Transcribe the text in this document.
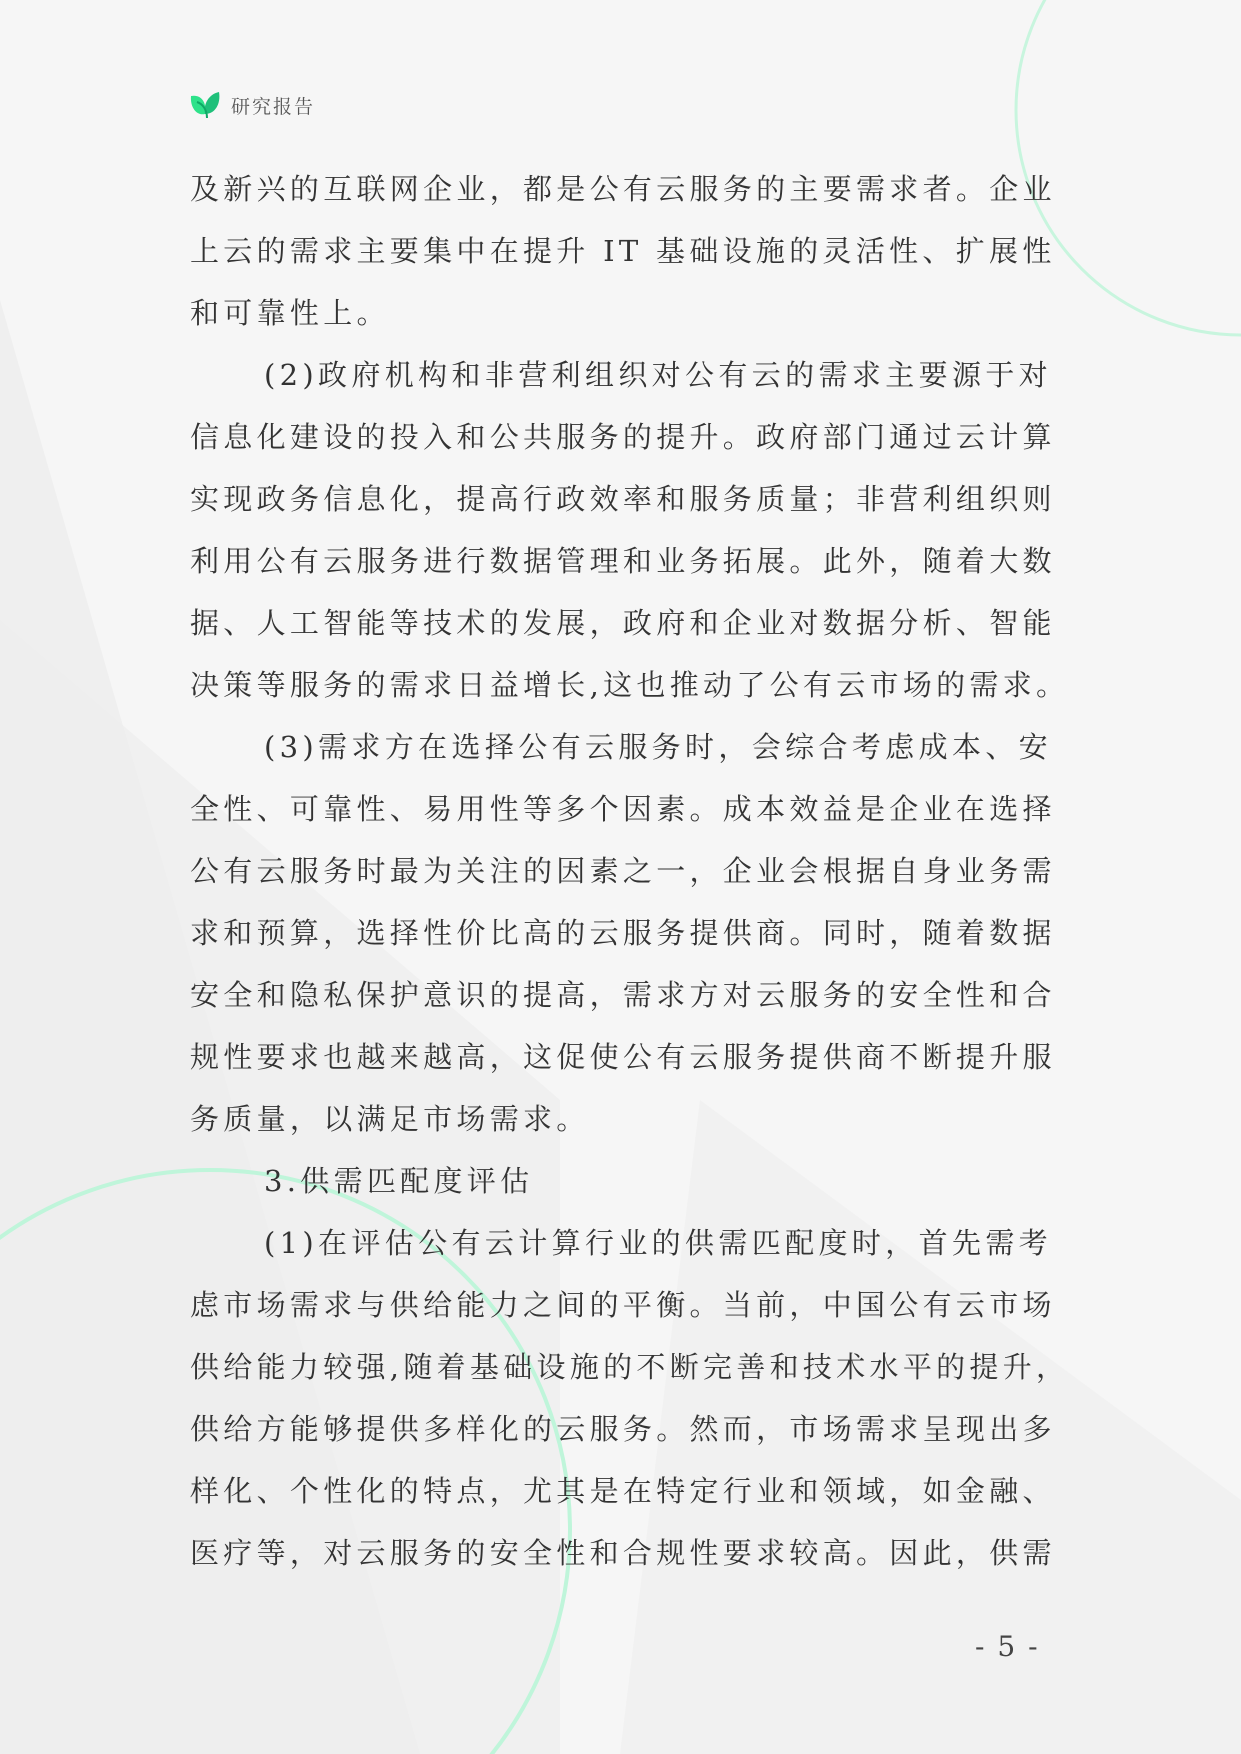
研究报告

及新兴的互联网企业，都是公有云服务的主要需求者。企业

上云的需求主要集中在提升 IT 基础设施的灵活性、扩展性

和可靠性上。

(2)政府机构和非营利组织对公有云的需求主要源于对

信息化建设的投入和公共服务的提升。政府部门通过云计算

实现政务信息化，提高行政效率和服务质量；非营利组织则

利用公有云服务进行数据管理和业务拓展。此外，随着大数

据、人工智能等技术的发展，政府和企业对数据分析、智能

决策等服务的需求日益增长,这也推动了公有云市场的需求。

(3)需求方在选择公有云服务时，会综合考虑成本、安

全性、可靠性、易用性等多个因素。成本效益是企业在选择

公有云服务时最为关注的因素之一，企业会根据自身业务需

求和预算，选择性价比高的云服务提供商。同时，随着数据

安全和隐私保护意识的提高，需求方对云服务的安全性和合

规性要求也越来越高，这促使公有云服务提供商不断提升服

务质量，以满足市场需求。

3.供需匹配度评估

(1)在评估公有云计算行业的供需匹配度时，首先需考

虑市场需求与供给能力之间的平衡。当前，中国公有云市场

供给能力较强,随着基础设施的不断完善和技术水平的提升，

供给方能够提供多样化的云服务。然而，市场需求呈现出多

样化、个性化的特点，尤其是在特定行业和领域，如金融、

医疗等，对云服务的安全性和合规性要求较高。因此，供需

- 5 -
